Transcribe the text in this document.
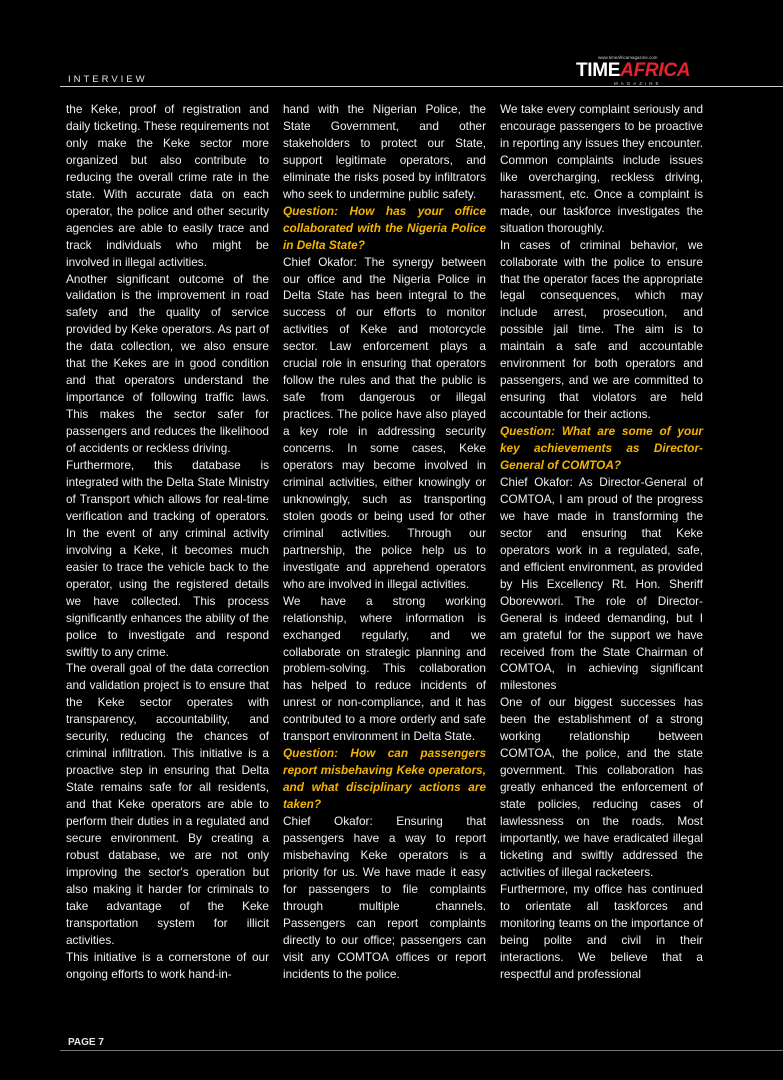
INTERVIEW
www.timeafricamagazine.com
TIMEAFRICA
MAGAZINE

the Keke, proof of registration and daily ticketing. These requirements not only make the Keke sector more organized but also contribute to reducing the overall crime rate in the state. With accurate data on each operator, the police and other security agencies are able to easily trace and track individuals who might be involved in illegal activities.

Another significant outcome of the validation is the improvement in road safety and the quality of service provided by Keke operators. As part of the data collection, we also ensure that the Kekes are in good condition and that operators understand the importance of following traffic laws. This makes the sector safer for passengers and reduces the likelihood of accidents or reckless driving.

Furthermore, this database is integrated with the Delta State Ministry of Transport which allows for real-time verification and tracking of operators. In the event of any criminal activity involving a Keke, it becomes much easier to trace the vehicle back to the operator, using the registered details we have collected. This process significantly enhances the ability of the police to investigate and respond swiftly to any crime.

The overall goal of the data correction and validation project is to ensure that the Keke sector operates with transparency, accountability, and security, reducing the chances of criminal infiltration. This initiative is a proactive step in ensuring that Delta State remains safe for all residents, and that Keke operators are able to perform their duties in a regulated and secure environment. By creating a robust database, we are not only improving the sector's operation but also making it harder for criminals to take advantage of the Keke transportation system for illicit activities.

This initiative is a cornerstone of our ongoing efforts to work hand-in-

hand with the Nigerian Police, the State Government, and other stakeholders to protect our State, support legitimate operators, and eliminate the risks posed by infiltrators who seek to undermine public safety.

Question: How has your office collaborated with the Nigeria Police in Delta State?

Chief Okafor: The synergy between our office and the Nigeria Police in Delta State has been integral to the success of our efforts to monitor activities of Keke and motorcycle sector. Law enforcement plays a crucial role in ensuring that operators follow the rules and that the public is safe from dangerous or illegal practices. The police have also played a key role in addressing security concerns. In some cases, Keke operators may become involved in criminal activities, either knowingly or unknowingly, such as transporting stolen goods or being used for other criminal activities. Through our partnership, the police help us to investigate and apprehend operators who are involved in illegal activities.

We have a strong working relationship, where information is exchanged regularly, and we collaborate on strategic planning and problem-solving. This collaboration has helped to reduce incidents of unrest or non-compliance, and it has contributed to a more orderly and safe transport environment in Delta State.

Question: How can passengers report misbehaving Keke operators, and what disciplinary actions are taken?

Chief Okafor: Ensuring that passengers have a way to report misbehaving Keke operators is a priority for us. We have made it easy for passengers to file complaints through multiple channels. Passengers can report complaints directly to our office; passengers can visit any COMTOA offices or report incidents to the police.

We take every complaint seriously and encourage passengers to be proactive in reporting any issues they encounter. Common complaints include issues like overcharging, reckless driving, harassment, etc. Once a complaint is made, our taskforce investigates the situation thoroughly.

In cases of criminal behavior, we collaborate with the police to ensure that the operator faces the appropriate legal consequences, which may include arrest, prosecution, and possible jail time. The aim is to maintain a safe and accountable environment for both operators and passengers, and we are committed to ensuring that violators are held accountable for their actions.

Question: What are some of your key achievements as Director-General of COMTOA?

Chief Okafor: As Director-General of COMTOA, I am proud of the progress we have made in transforming the sector and ensuring that Keke operators work in a regulated, safe, and efficient environment, as provided by His Excellency Rt. Hon. Sheriff Oborevwori. The role of Director-General is indeed demanding, but I am grateful for the support we have received from the State Chairman of COMTOA, in achieving significant milestones

One of our biggest successes has been the establishment of a strong working relationship between COMTOA, the police, and the state government. This collaboration has greatly enhanced the enforcement of state policies, reducing cases of lawlessness on the roads. Most importantly, we have eradicated illegal ticketing and swiftly addressed the activities of illegal racketeers.

Furthermore, my office has continued to orientate all taskforces and monitoring teams on the importance of being polite and civil in their interactions. We believe that a respectful and professional

PAGE 7
